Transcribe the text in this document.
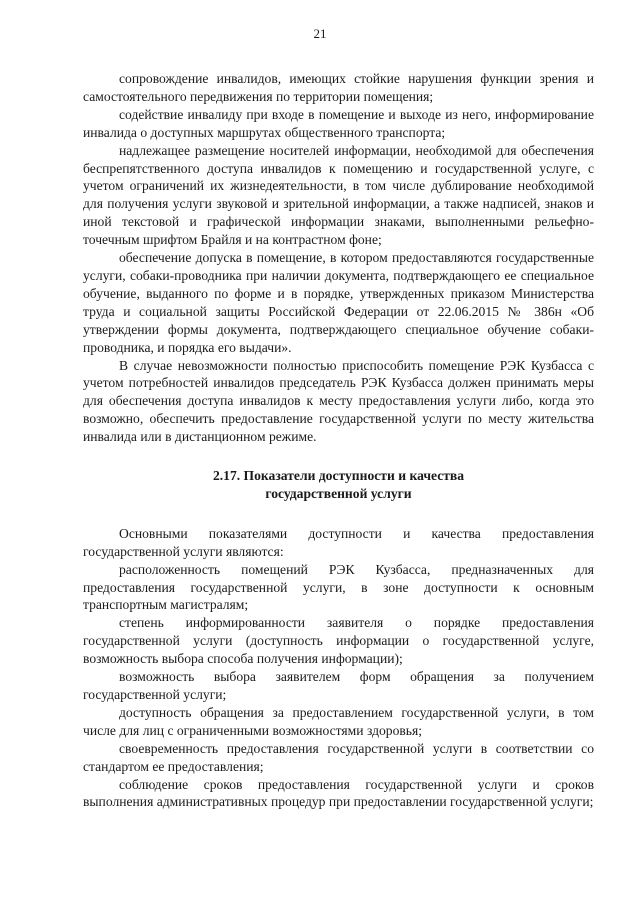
21

сопровождение инвалидов, имеющих стойкие нарушения функции зрения и самостоятельного передвижения по территории помещения;

содействие инвалиду при входе в помещение и выходе из него, информирование инвалида о доступных маршрутах общественного транспорта;

надлежащее размещение носителей информации, необходимой для обеспечения беспрепятственного доступа инвалидов к помещению и государственной услуге, с учетом ограничений их жизнедеятельности, в том числе дублирование необходимой для получения услуги звуковой и зрительной информации, а также надписей, знаков и иной текстовой и графической информации знаками, выполненными рельефно-точечным шрифтом Брайля и на контрастном фоне;

обеспечение допуска в помещение, в котором предоставляются государственные услуги, собаки-проводника при наличии документа, подтверждающего ее специальное обучение, выданного по форме и в порядке, утвержденных приказом Министерства труда и социальной защиты Российской Федерации от 22.06.2015 № 386н «Об утверждении формы документа, подтверждающего специальное обучение собаки-проводника, и порядка его выдачи».

В случае невозможности полностью приспособить помещение РЭК Кузбасса с учетом потребностей инвалидов председатель РЭК Кузбасса должен принимать меры для обеспечения доступа инвалидов к месту предоставления услуги либо, когда это возможно, обеспечить предоставление государственной услуги по месту жительства инвалида или в дистанционном режиме.

2.17. Показатели доступности и качества
государственной услуги

Основными показателями доступности и качества предоставления государственной услуги являются:

расположенность помещений РЭК Кузбасса, предназначенных для предоставления государственной услуги, в зоне доступности к основным транспортным магистралям;

степень информированности заявителя о порядке предоставления государственной услуги (доступность информации о государственной услуге, возможность выбора способа получения информации);

возможность выбора заявителем форм обращения за получением государственной услуги;

доступность обращения за предоставлением государственной услуги, в том числе для лиц с ограниченными возможностями здоровья;

своевременность предоставления государственной услуги в соответствии со стандартом ее предоставления;

соблюдение сроков предоставления государственной услуги и сроков выполнения административных процедур при предоставлении государственной услуги;
